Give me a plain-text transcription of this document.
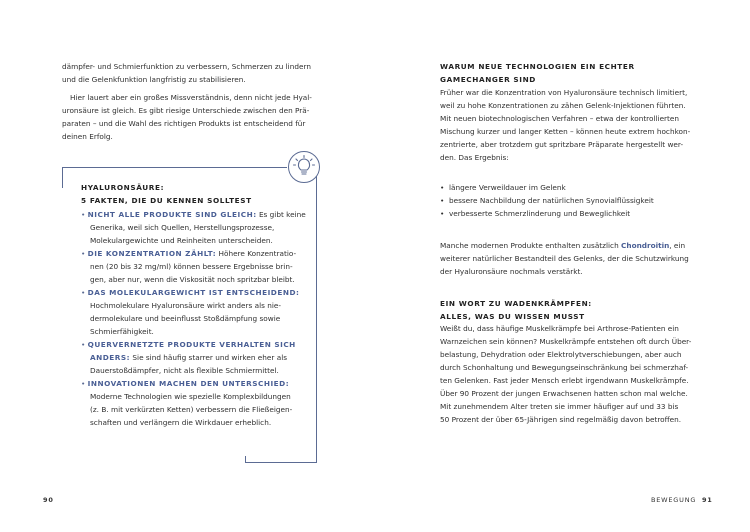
dämpfer- und Schmierfunktion zu verbessern, Schmerzen zu lindern
und die Gelenkfunktion langfristig zu stabilisieren.
Hier lauert aber ein großes Missverständnis, denn nicht jede Hyal-
uronsäure ist gleich. Es gibt riesige Unterschiede zwischen den Prä-
paraten – und die Wahl des richtigen Produkts ist entscheidend für
deinen Erfolg.
HYALURONSÄURE:
5 FAKTEN, DIE DU KENNEN SOLLTEST
• NICHT ALLE PRODUKTE SIND GLEICH: Es gibt keine
Generika, weil sich Quellen, Herstellungsprozesse,
Molekulargewichte und Reinheiten unterscheiden.
• DIE KONZENTRATION ZÄHLT: Höhere Konzentratio-
nen (20 bis 32 mg/ml) können bessere Ergebnisse brin-
gen, aber nur, wenn die Viskosität noch spritzbar bleibt.
• DAS MOLEKULARGEWICHT IST ENTSCHEIDEND:
Hochmolekulare Hyaluronsäure wirkt anders als nie-
dermolekulare und beeinflusst Stoßdämpfung sowie
Schmierfähigkeit.
• QUERVERNETZTE PRODUKTE VERHALTEN SICH
ANDERS: Sie sind häufig starrer und wirken eher als
Dauerstoßdämpfer, nicht als flexible Schmiermittel.
• INNOVATIONEN MACHEN DEN UNTERSCHIED:
Moderne Technologien wie spezielle Komplexbildungen
(z. B. mit verkürzten Ketten) verbessern die Fließeigen-
schaften und verlängern die Wirkdauer erheblich.
90
WARUM NEUE TECHNOLOGIEN EIN ECHTER
GAMECHANGER SIND
Früher war die Konzentration von Hyaluronsäure technisch limitiert,
weil zu hohe Konzentrationen zu zähen Gelenk-Injektionen führten.
Mit neuen biotechnologischen Verfahren – etwa der kontrollierten
Mischung kurzer und langer Ketten – können heute extrem hochkon-
zentrierte, aber trotzdem gut spritzbare Präparate hergestellt wer-
den. Das Ergebnis:
•  längere Verweildauer im Gelenk
•  bessere Nachbildung der natürlichen Synovialflüssigkeit
•  verbesserte Schmerzlinderung und Beweglichkeit
Manche modernen Produkte enthalten zusätzlich Chondroitin, ein
weiterer natürlicher Bestandteil des Gelenks, der die Schutzwirkung
der Hyaluronsäure nochmals verstärkt.
EIN WORT ZU WADENKRÄMPFEN:
ALLES, WAS DU WISSEN MUSST
Weißt du, dass häufige Muskelkrämpfe bei Arthrose-Patienten ein
Warnzeichen sein können? Muskelkrämpfe entstehen oft durch Über-
belastung, Dehydration oder Elektrolytverschiebungen, aber auch
durch Schonhaltung und Bewegungseinschränkung bei schmerzhaf-
ten Gelenken. Fast jeder Mensch erlebt irgendwann Muskelkrämpfe.
Über 90 Prozent der jungen Erwachsenen hatten schon mal welche.
Mit zunehmendem Alter treten sie immer häufiger auf und 33 bis
50 Prozent der über 65-Jährigen sind regelmäßig davon betroffen.
BEWEGUNG 91
